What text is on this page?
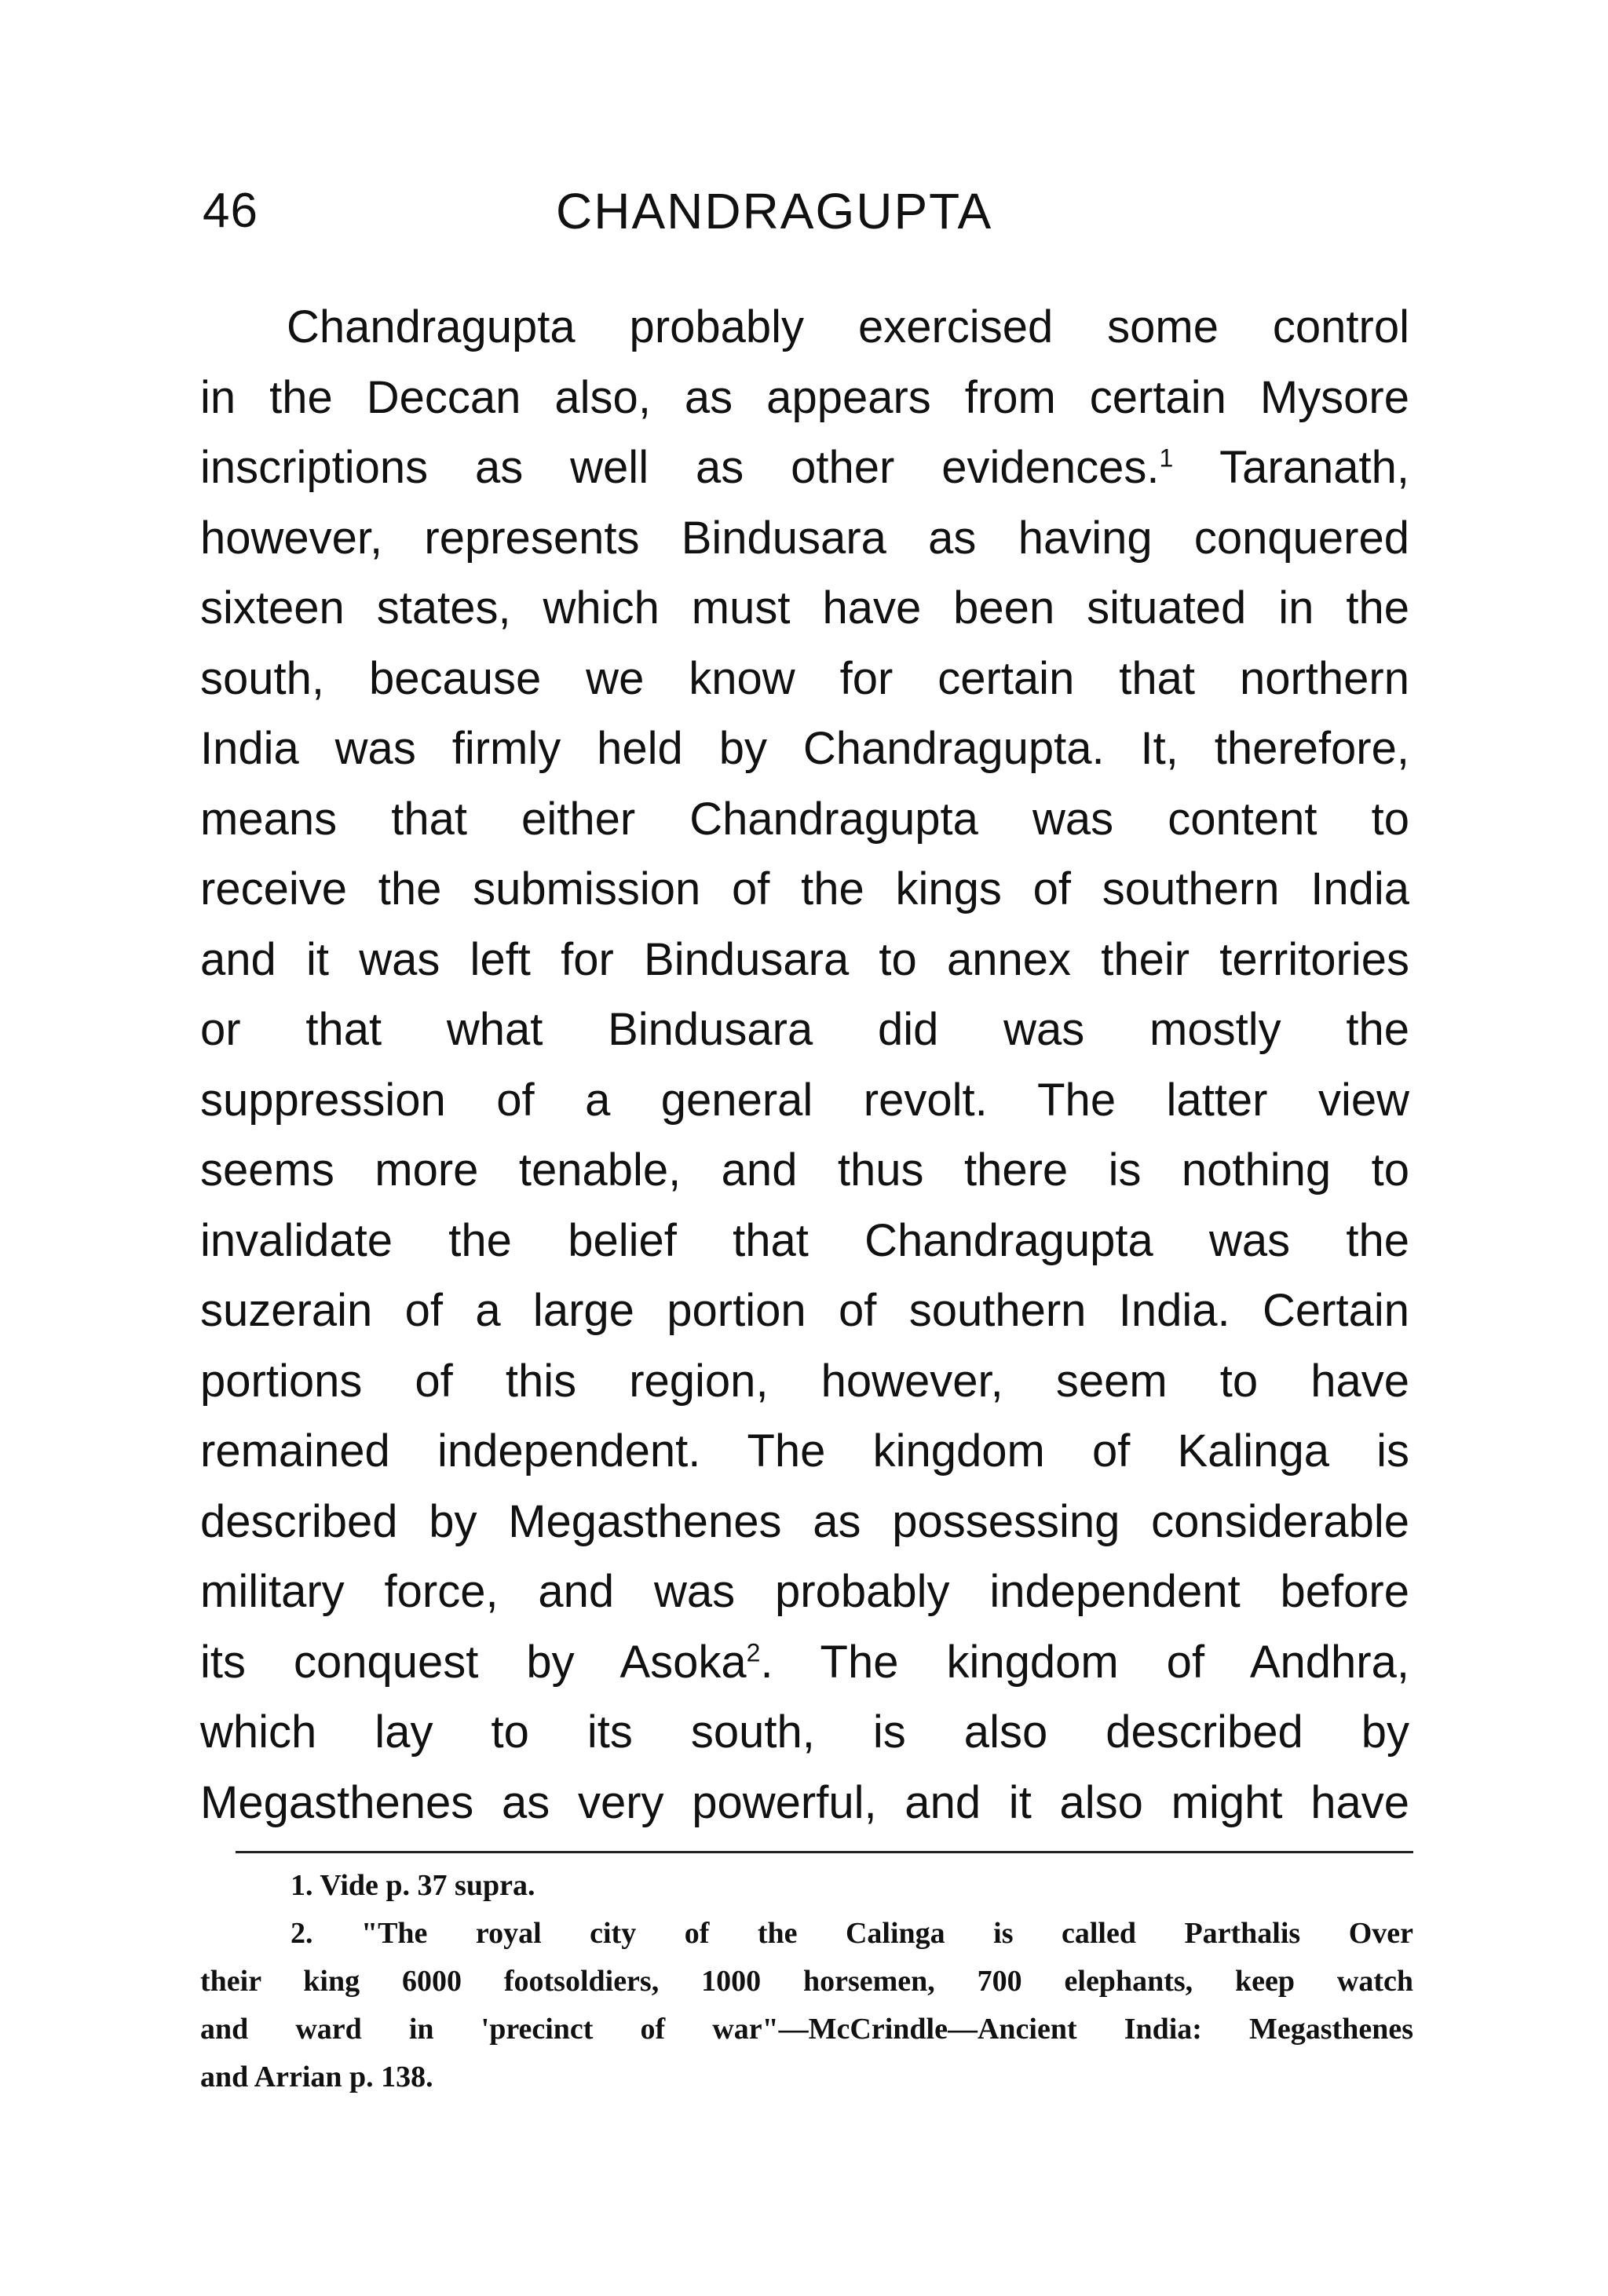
46	CHANDRAGUPTA
Chandragupta probably exercised some control
in the Deccan also, as appears from certain Mysore
inscriptions as well as other evidences.$^1$ Taranath,
however, represents Bindusara as having conquered
sixteen states, which must have been situated in the
south, because we know for certain that northern
India was firmly held by Chandragupta. It, therefore,
means that either Chandragupta was content to
receive the submission of the kings of southern India
and it was left for Bindusara to annex their territories
or that what Bindusara did was mostly the
suppression of a general revolt. The latter view
seems more tenable, and thus there is nothing to
invalidate the belief that Chandragupta was the
suzerain of a large portion of southern India. Certain
portions of this region, however, seem to have
remained independent. The kingdom of Kalinga is
described by Megasthenes as possessing considerable
military force, and was probably independent before
its conquest by Asoka$^2$. The kingdom of Andhra,
which lay to its south, is also described by
Megasthenes as very powerful, and it also might have
1. Vide p. 37 supra.
2. "The royal city of the Calinga is called Parthalis Over
their king 6000 footsoldiers, 1000 horsemen, 700 elephants, keep watch
and ward in 'precinct of war"—McCrindle—Ancient India: Megasthenes
and Arrian p. 138.
